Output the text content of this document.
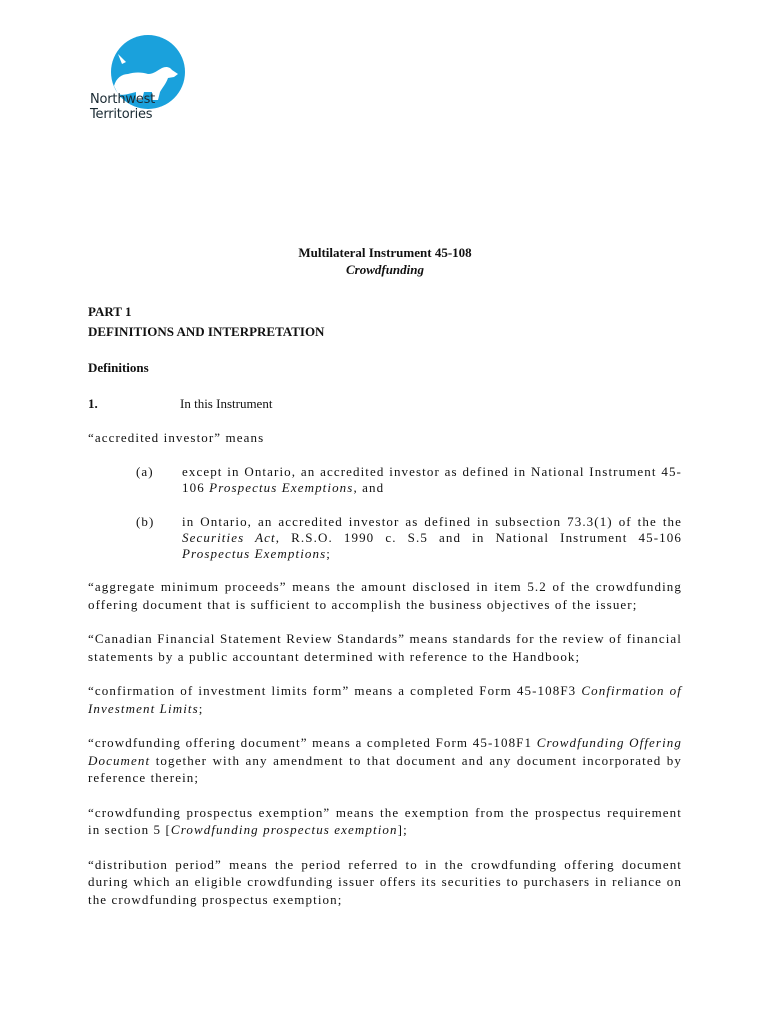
Northwest
Territories
Multilateral Instrument 45-108
Crowdfunding

PART 1

DEFINITIONS AND INTERPRETATION

Definitions

1.	In this Instrument

“accredited investor” means

(a)	except in Ontario, an accredited investor as defined in National Instrument 45-106 Prospectus Exemptions, and
(b)	in Ontario, an accredited investor as defined in subsection 73.3(1) of the the Securities Act, R.S.O. 1990 c. S.5 and in National Instrument 45-106 Prospectus Exemptions;

“aggregate minimum proceeds” means the amount disclosed in item 5.2 of the crowdfunding offering document that is sufficient to accomplish the business objectives of the issuer;

“Canadian Financial Statement Review Standards” means standards for the review of financial statements by a public accountant determined with reference to the Handbook;

“confirmation of investment limits form” means a completed Form 45-108F3 Confirmation of Investment Limits;

“crowdfunding offering document” means a completed Form 45-108F1 Crowdfunding Offering Document together with any amendment to that document and any document incorporated by reference therein;

“crowdfunding prospectus exemption” means the exemption from the prospectus requirement in section 5 [Crowdfunding prospectus exemption];

“distribution period” means the period referred to in the crowdfunding offering document during which an eligible crowdfunding issuer offers its securities to purchasers in reliance on the crowdfunding prospectus exemption;
